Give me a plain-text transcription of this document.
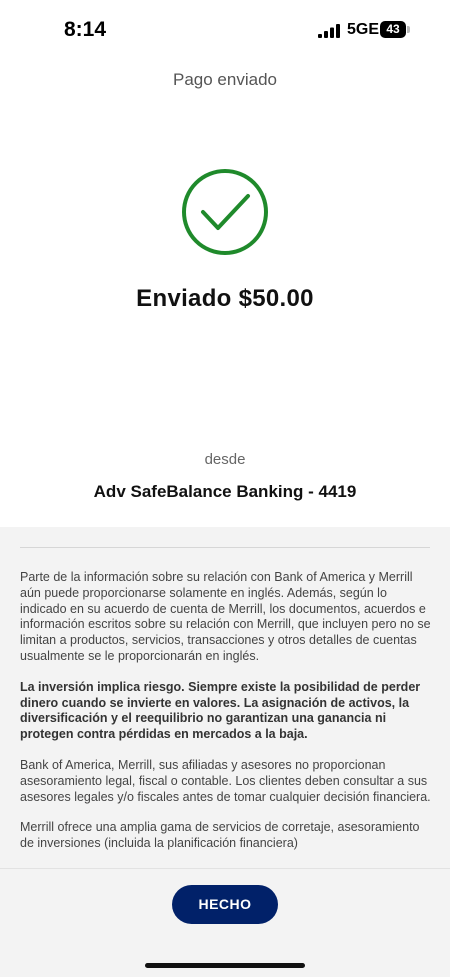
8:14	5GE 43
Pago enviado
Enviado $50.00
desde
Adv SafeBalance Banking - 4419

Parte de la información sobre su relación con Bank of America y Merrill aún puede proporcionarse solamente en inglés. Además, según lo indicado en su acuerdo de cuenta de Merrill, los documentos, acuerdos e información escritos sobre su relación con Merrill, que incluyen pero no se limitan a productos, servicios, transacciones y otros detalles de cuentas usualmente se le proporcionarán en inglés.

La inversión implica riesgo. Siempre existe la posibilidad de perder dinero cuando se invierte en valores. La asignación de activos, la diversificación y el reequilibrio no garantizan una ganancia ni protegen contra pérdidas en mercados a la baja.

Bank of America, Merrill, sus afiliadas y asesores no proporcionan asesoramiento legal, fiscal o contable. Los clientes deben consultar a sus asesores legales y/o fiscales antes de tomar cualquier decisión financiera.

Merrill ofrece una amplia gama de servicios de corretaje, asesoramiento de inversiones (incluida la planificación financiera)

HECHO
